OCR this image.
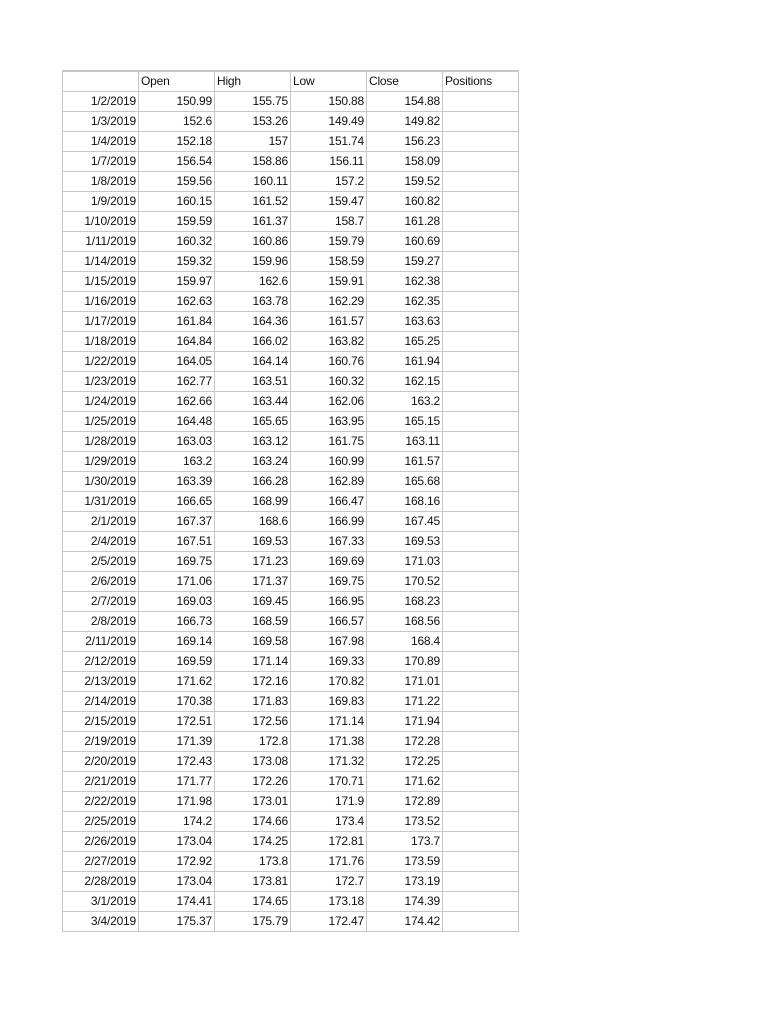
	Open	High	Low	Close	Positions
1/2/2019	150.99	155.75	150.88	154.88	
1/3/2019	152.6	153.26	149.49	149.82	
1/4/2019	152.18	157	151.74	156.23	
1/7/2019	156.54	158.86	156.11	158.09	
1/8/2019	159.56	160.11	157.2	159.52	
1/9/2019	160.15	161.52	159.47	160.82	
1/10/2019	159.59	161.37	158.7	161.28	
1/11/2019	160.32	160.86	159.79	160.69	
1/14/2019	159.32	159.96	158.59	159.27	
1/15/2019	159.97	162.6	159.91	162.38	
1/16/2019	162.63	163.78	162.29	162.35	
1/17/2019	161.84	164.36	161.57	163.63	
1/18/2019	164.84	166.02	163.82	165.25	
1/22/2019	164.05	164.14	160.76	161.94	
1/23/2019	162.77	163.51	160.32	162.15	
1/24/2019	162.66	163.44	162.06	163.2	
1/25/2019	164.48	165.65	163.95	165.15	
1/28/2019	163.03	163.12	161.75	163.11	
1/29/2019	163.2	163.24	160.99	161.57	
1/30/2019	163.39	166.28	162.89	165.68	
1/31/2019	166.65	168.99	166.47	168.16	
2/1/2019	167.37	168.6	166.99	167.45	
2/4/2019	167.51	169.53	167.33	169.53	
2/5/2019	169.75	171.23	169.69	171.03	
2/6/2019	171.06	171.37	169.75	170.52	
2/7/2019	169.03	169.45	166.95	168.23	
2/8/2019	166.73	168.59	166.57	168.56	
2/11/2019	169.14	169.58	167.98	168.4	
2/12/2019	169.59	171.14	169.33	170.89	
2/13/2019	171.62	172.16	170.82	171.01	
2/14/2019	170.38	171.83	169.83	171.22	
2/15/2019	172.51	172.56	171.14	171.94	
2/19/2019	171.39	172.8	171.38	172.28	
2/20/2019	172.43	173.08	171.32	172.25	
2/21/2019	171.77	172.26	170.71	171.62	
2/22/2019	171.98	173.01	171.9	172.89	
2/25/2019	174.2	174.66	173.4	173.52	
2/26/2019	173.04	174.25	172.81	173.7	
2/27/2019	172.92	173.8	171.76	173.59	
2/28/2019	173.04	173.81	172.7	173.19	
3/1/2019	174.41	174.65	173.18	174.39	
3/4/2019	175.37	175.79	172.47	174.42	
